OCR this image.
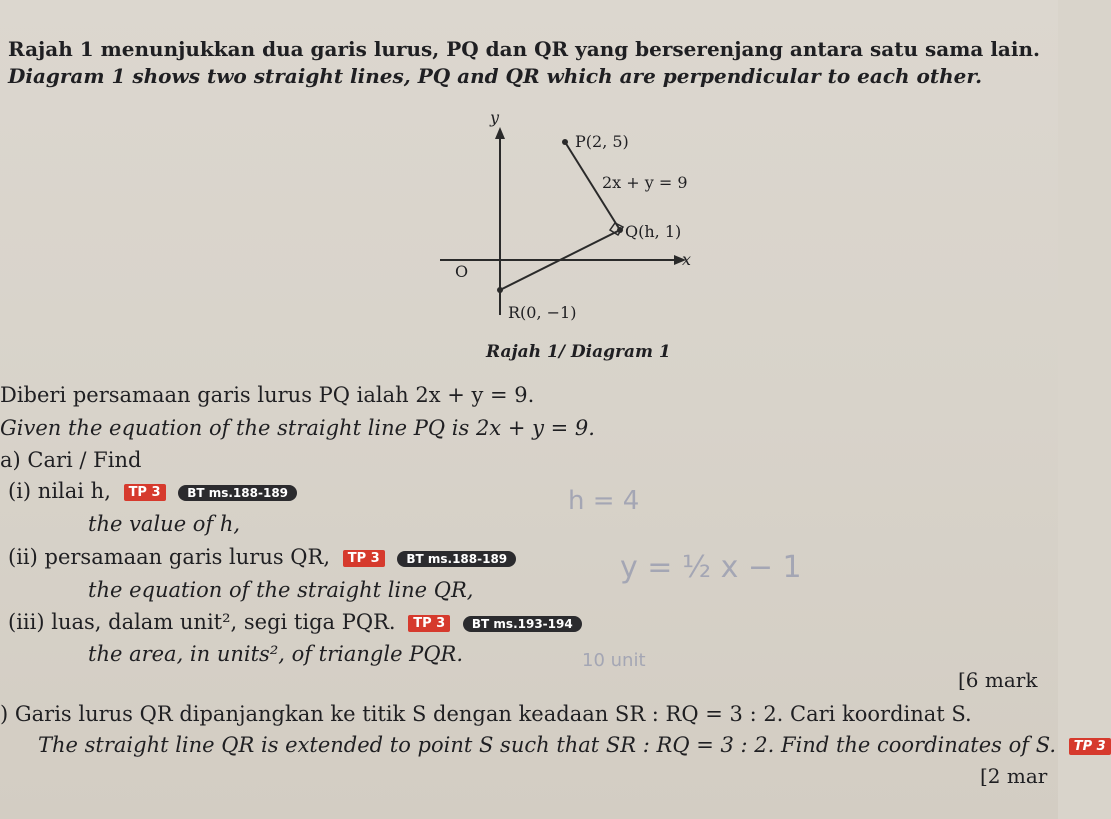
Rajah 1 menunjukkan dua garis lurus, PQ dan QR yang berserenjang antara satu sama lain.
Diagram 1 shows two straight lines, PQ and QR which are perpendicular to each other.
y
x
O
P(2, 5)
Q(h, 1)
R(0, −1)
2x + y = 9
Rajah 1/ Diagram 1
Diberi persamaan garis lurus PQ ialah 2x + y = 9.
Given the equation of the straight line PQ is 2x + y = 9.
a) Cari / Find
(i) nilai h, TP 3 BT ms.188-189
the value of h,
h = 4
(ii) persamaan garis lurus QR, TP 3 BT ms.188-189
the equation of the straight line QR,
y = ½ x − 1
(iii) luas, dalam unit², segi tiga PQR. TP 3 BT ms.193-194
the area, in units², of triangle PQR.	10 unit
[6 mark
) Garis lurus QR dipanjangkan ke titik S dengan keadaan SR : RQ = 3 : 2. Cari koordinat S.
The straight line QR is extended to point S such that SR : RQ = 3 : 2. Find the coordinates of S. TP 3
[2 mar
